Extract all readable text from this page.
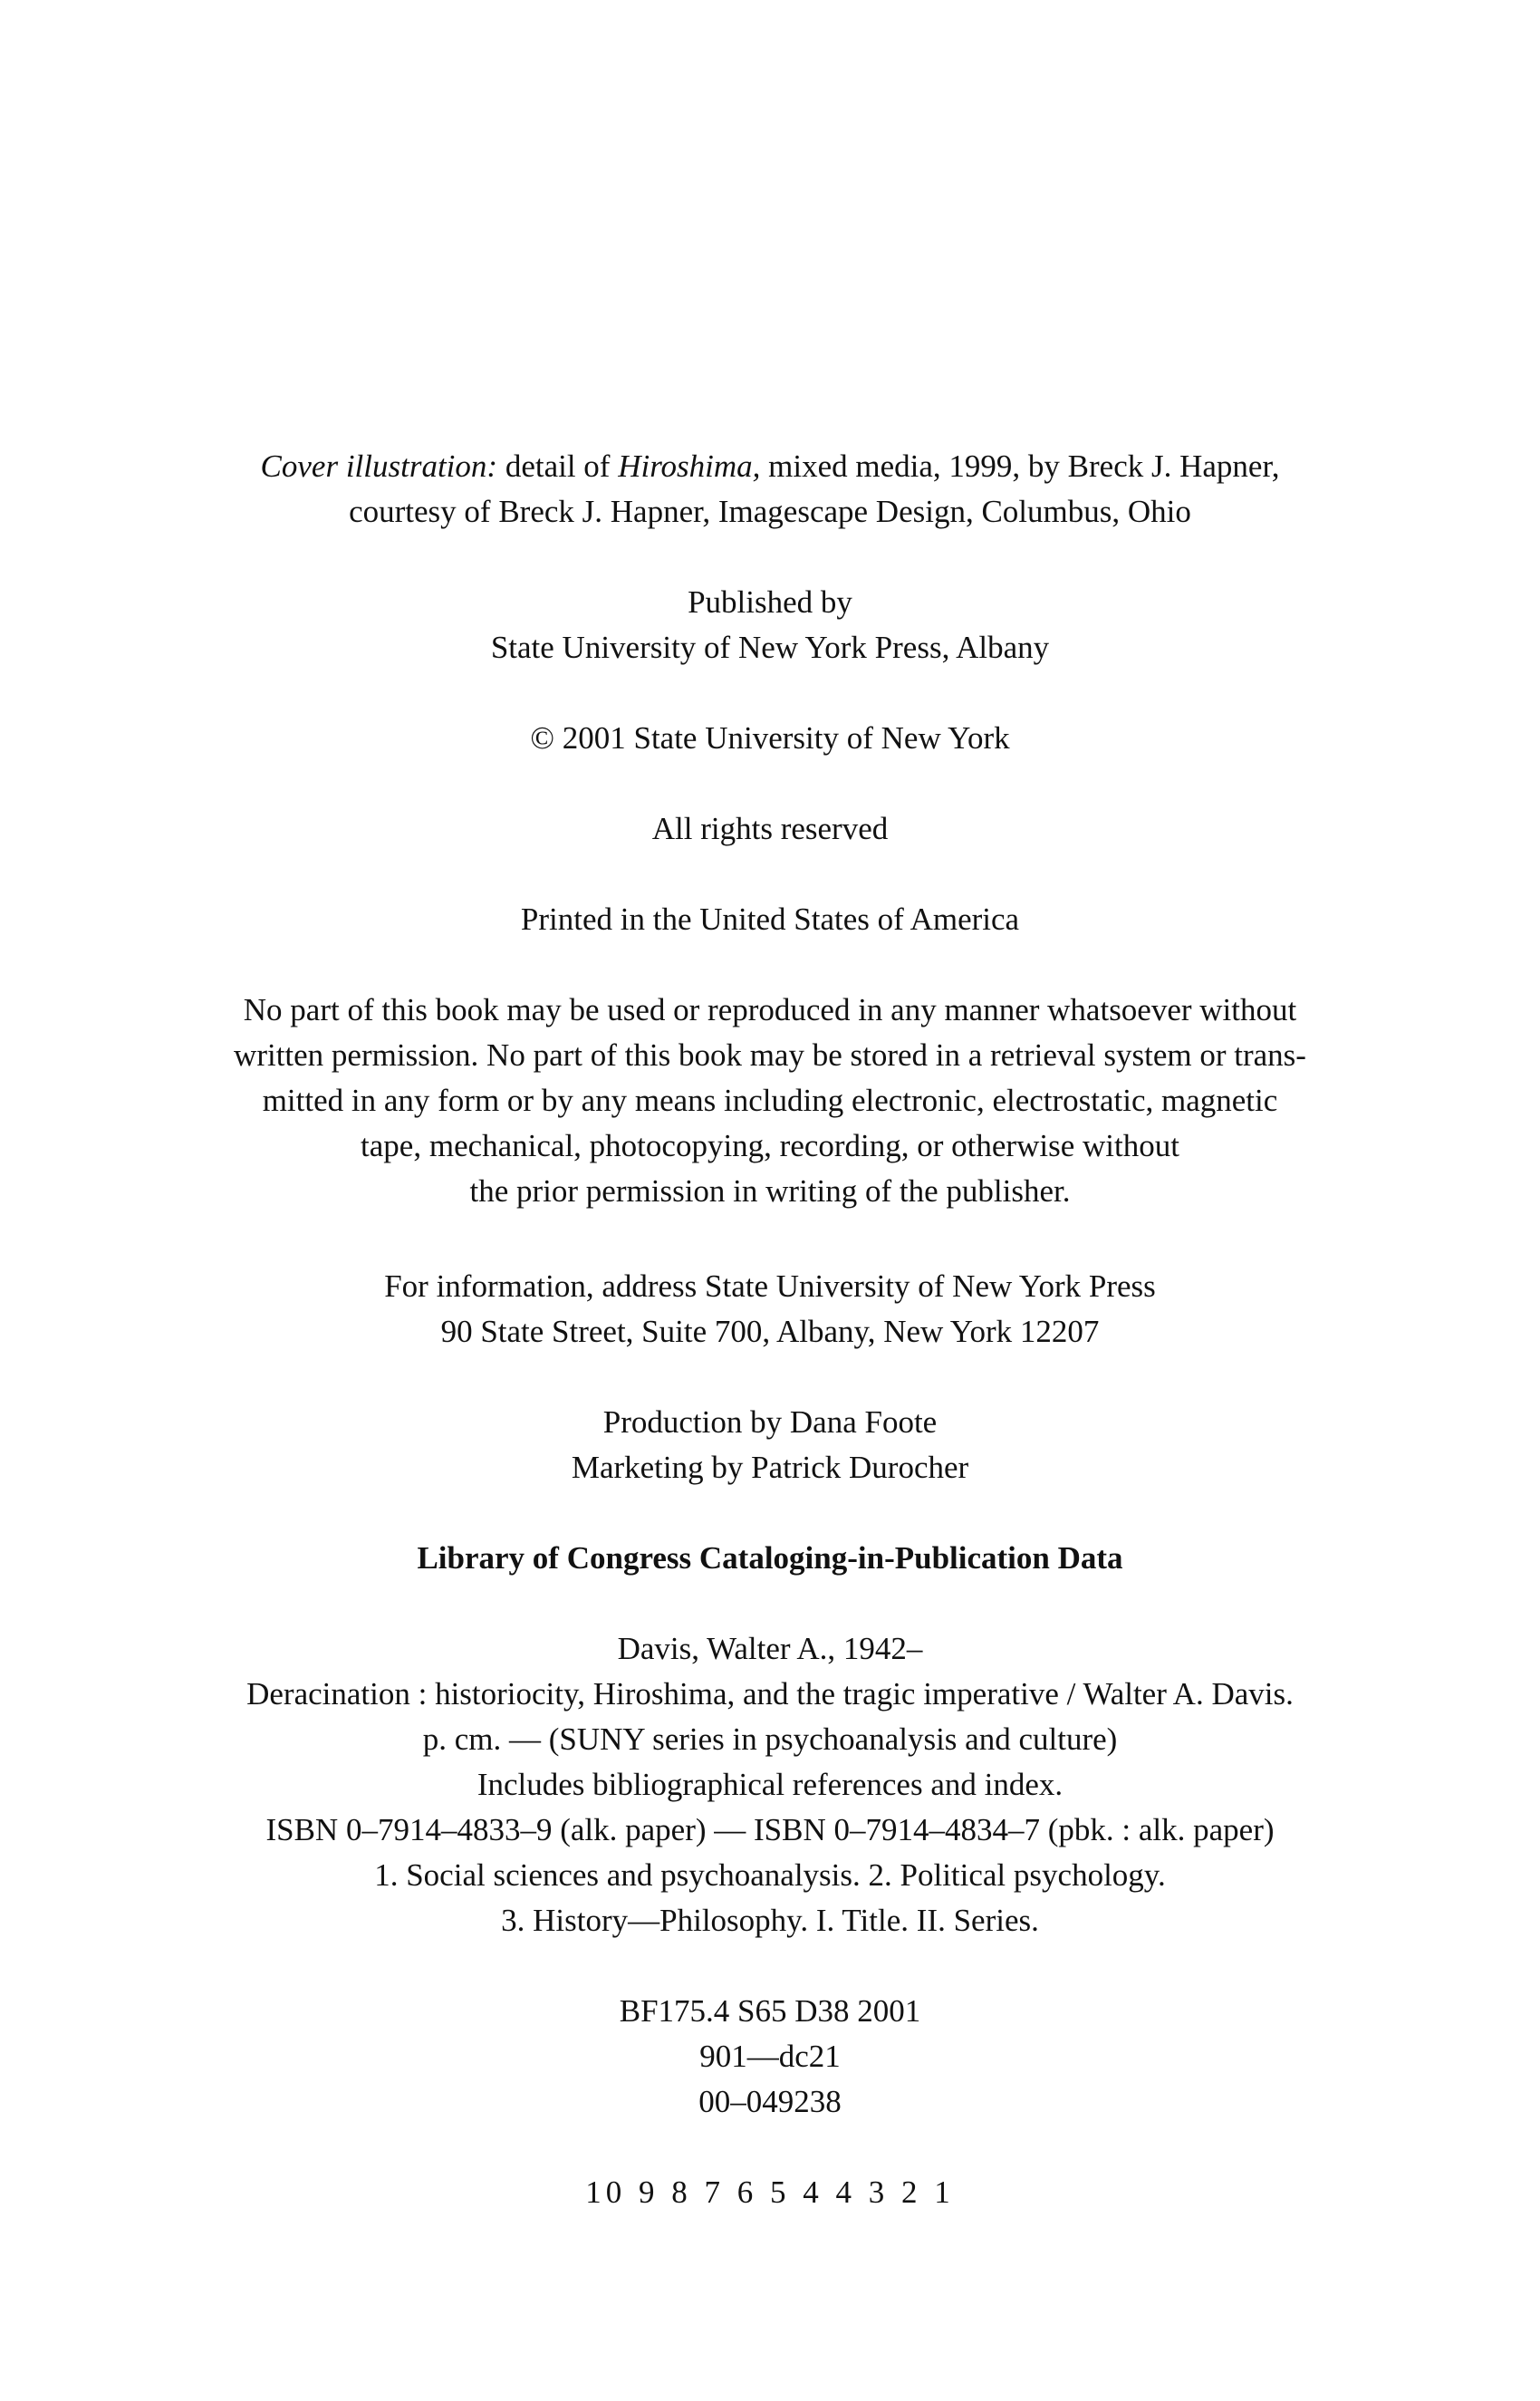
Cover illustration: detail of Hiroshima, mixed media, 1999, by Breck J. Hapner,
courtesy of Breck J. Hapner, Imagescape Design, Columbus, Ohio
Published by
State University of New York Press, Albany
© 2001 State University of New York
All rights reserved
Printed in the United States of America
No part of this book may be used or reproduced in any manner whatsoever without
written permission. No part of this book may be stored in a retrieval system or trans-
mitted in any form or by any means including electronic, electrostatic, magnetic
tape, mechanical, photocopying, recording, or otherwise without
the prior permission in writing of the publisher.
For information, address State University of New York Press
90 State Street, Suite 700, Albany, New York 12207
Production by Dana Foote
Marketing by Patrick Durocher
Library of Congress Cataloging-in-Publication Data
Davis, Walter A., 1942–
Deracination : historiocity, Hiroshima, and the tragic imperative / Walter A. Davis.
p. cm. — (SUNY series in psychoanalysis and culture)
Includes bibliographical references and index.
ISBN 0–7914–4833–9 (alk. paper) — ISBN 0–7914–4834–7 (pbk. : alk. paper)
1. Social sciences and psychoanalysis. 2. Political psychology.
3. History—Philosophy. I. Title. II. Series.
BF175.4 S65 D38 2001
901—dc21
00–049238
10 9 8 7 6 5 4 4 3 2 1
